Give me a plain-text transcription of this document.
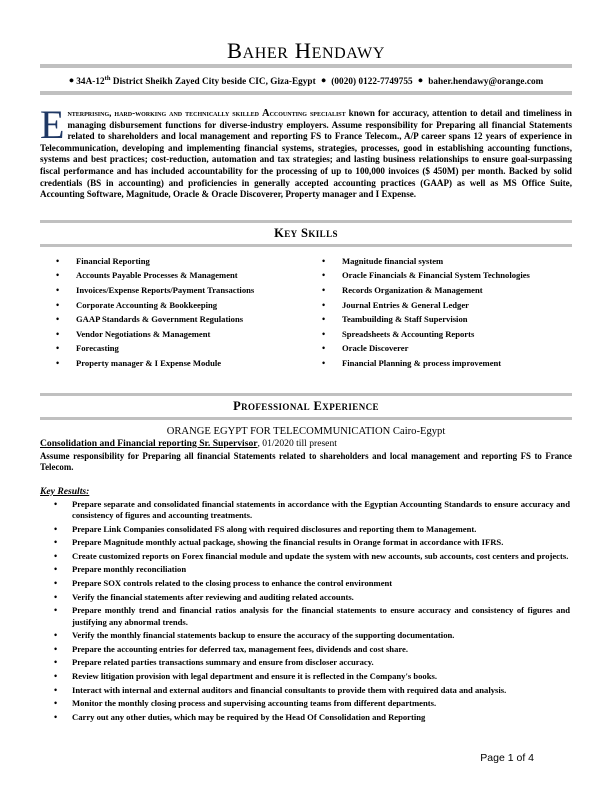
Baher Hendawy
● 34A-12th District Sheikh Zayed City beside CIC, Giza-Egypt ● (0020) 0122-7749755 ● baher.hendawy@orange.com
Enterprising, hard-working and technically skilled Accounting specialist known for accuracy, attention to detail and timeliness in managing disbursement functions for diverse-industry employers. Assume responsibility for Preparing all financial Statements related to shareholders and local management and reporting FS to France Telecom., A/P career spans 12 years of experience in Telecommunication, developing and implementing financial systems, strategies, processes, good in establishing accounting functions, systems and best practices; cost-reduction, automation and tax strategies; and lasting business relationships to ensure goal-surpassing fiscal performance and has included accountability for the processing of up to 100,000 invoices ($ 450M) per month. Backed by solid credentials (BS in accounting) and proficiencies in generally accepted accounting practices (GAAP) as well as MS Office Suite, Accounting Software, Magnitude, Oracle & Oracle Discoverer, Property manager and I Expense.
Key Skills
•	Financial Reporting
•	Accounts Payable Processes & Management
•	Invoices/Expense Reports/Payment Transactions
•	Corporate Accounting & Bookkeeping
•	GAAP Standards & Government Regulations
•	Vendor Negotiations & Management
•	Forecasting
•	Property manager & I Expense Module
•	Magnitude financial system
•	Oracle Financials & Financial System Technologies
•	Records Organization & Management
•	Journal Entries & General Ledger
•	Teambuilding & Staff Supervision
•	Spreadsheets & Accounting Reports
•	Oracle Discoverer
•	Financial Planning & process improvement
Professional Experience
ORANGE EGYPT FOR TELECOMMUNICATION Cairo-Egypt
Consolidation and Financial reporting Sr. Supervisor, 01/2020 till present
Assume responsibility for Preparing all financial Statements related to shareholders and local management and reporting FS to France Telecom.
Key Results:
•	Prepare separate and consolidated financial statements in accordance with the Egyptian Accounting Standards to ensure accuracy and consistency of figures and accounting treatments.
•	Prepare Link Companies consolidated FS along with required disclosures and reporting them to Management.
•	Prepare Magnitude monthly actual package, showing the financial results in Orange format in accordance with IFRS.
•	Create customized reports on Forex financial module and update the system with new accounts, sub accounts, cost centers and projects.
•	Prepare monthly reconciliation
•	Prepare SOX controls related to the closing process to enhance the control environment
•	Verify the financial statements after reviewing and auditing related accounts.
•	Prepare monthly trend and financial ratios analysis for the financial statements to ensure accuracy and consistency of figures and justifying any abnormal trends.
•	Verify the monthly financial statements backup to ensure the accuracy of the supporting documentation.
•	Prepare the accounting entries for deferred tax, management fees, dividends and cost share.
•	Prepare related parties transactions summary and ensure from discloser accuracy.
•	Review litigation provision with legal department and ensure it is reflected in the Company's books.
•	Interact with internal and external auditors and financial consultants to provide them with required data and analysis.
•	Monitor the monthly closing process and supervising accounting teams from different departments.
•	Carry out any other duties, which may be required by the Head Of Consolidation and Reporting
Page 1 of 4
